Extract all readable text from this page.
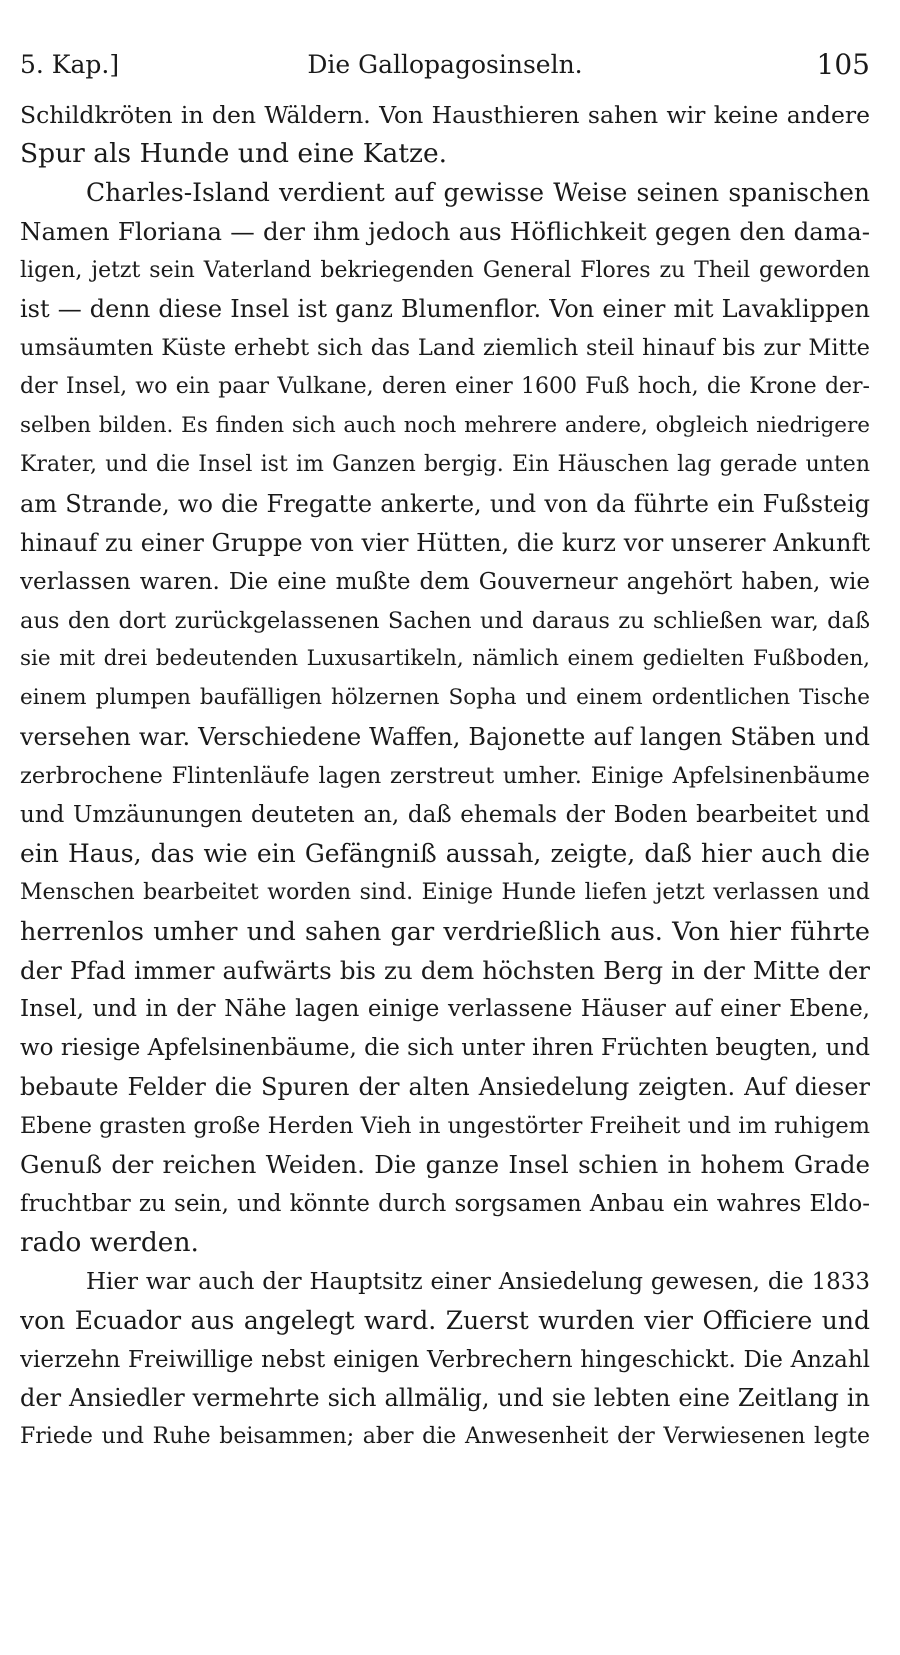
5. Kap.]	Die Gallopagosinseln.	105
Schildkröten in den Wäldern. Von Hausthieren sahen wir keine andere
Spur als Hunde und eine Katze.
Charles-Island verdient auf gewisse Weise seinen spanischen
Namen Floriana — der ihm jedoch aus Höflichkeit gegen den dama-
ligen, jetzt sein Vaterland bekriegenden General Flores zu Theil geworden
ist — denn diese Insel ist ganz Blumenflor. Von einer mit Lavaklippen
umsäumten Küste erhebt sich das Land ziemlich steil hinauf bis zur Mitte
der Insel, wo ein paar Vulkane, deren einer 1600 Fuß hoch, die Krone der-
selben bilden. Es finden sich auch noch mehrere andere, obgleich niedrigere
Krater, und die Insel ist im Ganzen bergig. Ein Häuschen lag gerade unten
am Strande, wo die Fregatte ankerte, und von da führte ein Fußsteig
hinauf zu einer Gruppe von vier Hütten, die kurz vor unserer Ankunft
verlassen waren. Die eine mußte dem Gouverneur angehört haben, wie
aus den dort zurückgelassenen Sachen und daraus zu schließen war, daß
sie mit drei bedeutenden Luxusartikeln, nämlich einem gedielten Fußboden,
einem plumpen baufälligen hölzernen Sopha und einem ordentlichen Tische
versehen war. Verschiedene Waffen, Bajonette auf langen Stäben und
zerbrochene Flintenläufe lagen zerstreut umher. Einige Apfelsinenbäume
und Umzäunungen deuteten an, daß ehemals der Boden bearbeitet und
ein Haus, das wie ein Gefängniß aussah, zeigte, daß hier auch die
Menschen bearbeitet worden sind. Einige Hunde liefen jetzt verlassen und
herrenlos umher und sahen gar verdrießlich aus. Von hier führte
der Pfad immer aufwärts bis zu dem höchsten Berg in der Mitte der
Insel, und in der Nähe lagen einige verlassene Häuser auf einer Ebene,
wo riesige Apfelsinenbäume, die sich unter ihren Früchten beugten, und
bebaute Felder die Spuren der alten Ansiedelung zeigten. Auf dieser
Ebene grasten große Herden Vieh in ungestörter Freiheit und im ruhigem
Genuß der reichen Weiden. Die ganze Insel schien in hohem Grade
fruchtbar zu sein, und könnte durch sorgsamen Anbau ein wahres Eldo-
rado werden.
Hier war auch der Hauptsitz einer Ansiedelung gewesen, die 1833
von Ecuador aus angelegt ward. Zuerst wurden vier Officiere und
vierzehn Freiwillige nebst einigen Verbrechern hingeschickt. Die Anzahl
der Ansiedler vermehrte sich allmälig, und sie lebten eine Zeitlang in
Friede und Ruhe beisammen; aber die Anwesenheit der Verwiesenen legte
